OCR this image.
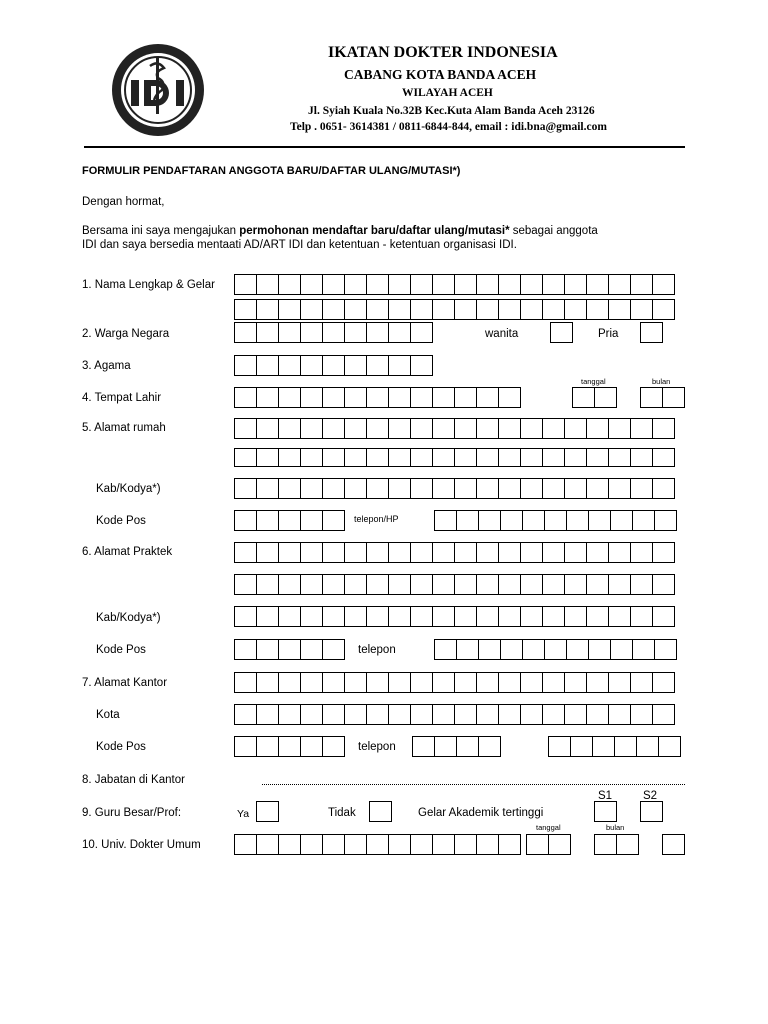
IKATAN DOKTER INDONESIA
CABANG KOTA BANDA ACEH
WILAYAH ACEH
Jl. Syiah Kuala No.32B Kec.Kuta Alam Banda Aceh 23126
Telp . 0651- 3614381 / 0811-6844-844, email : idi.bna@gmail.com
FORMULIR PENDAFTARAN ANGGOTA BARU/DAFTAR ULANG/MUTASI*)
Dengan hormat,
Bersama ini saya mengajukan permohonan mendaftar baru/daftar ulang/mutasi* sebagai anggota
IDI dan saya bersedia mentaati AD/ART IDI dan ketentuan - ketentuan organisasi IDI.
1. Nama Lengkap & Gelar
2. Warga Negara	wanita	Pria
3. Agama
tanggal	bulan
4. Tempat Lahir
5. Alamat rumah
Kab/Kodya*)
Kode Pos	telepon/HP
6. Alamat Praktek
Kab/Kodya*)
Kode Pos	telepon
7. Alamat Kantor
Kota
Kode Pos	telepon
8. Jabatan di Kantor
S1	S2
9. Guru Besar/Prof:	Ya	Tidak	Gelar Akademik tertinggi
tanggal	bulan
10. Univ. Dokter Umum
